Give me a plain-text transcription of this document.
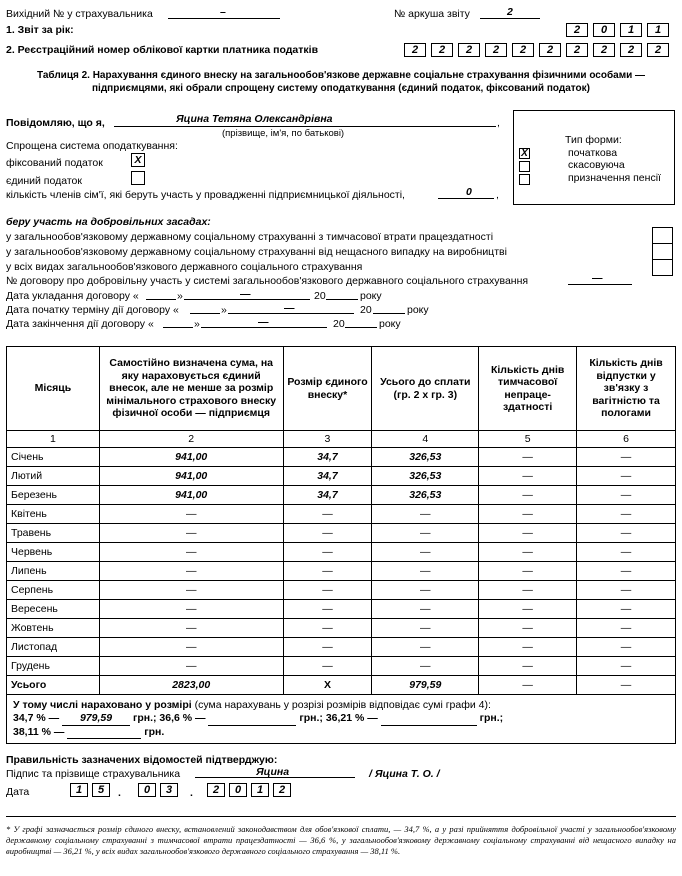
Вихідний № у страхувальника	–	№ аркуша звіту	2
1. Звіт за рік:	2	0	1	1
2. Реєстраційний номер облікової картки платника податків	2	2	2	2	2	2	2	2	2	2
Таблиця 2. Нарахування єдиного внеску на загальнообов'язкове державне соціальне страхування фізичними особами —
підприємцями, які обрали спрощену систему оподаткування (єдиний податок, фіксований податок)
Повідомляю, що я,	Яцина Тетяна Олександрівна	,
(прізвище, ім'я, по батькові)
Спрощена система оподаткування:
фіксований податок	X
єдиний податок
кількість членів сім'ї, які беруть участь у провадженні підприємницької діяльності,	0 ,
Тип форми:
X	початкова
скасовуюча
призначення пенсії
беру участь на добровільних засадах:
у загальнообов'язковому державному соціальному страхуванні з тимчасової втрати працездатності
у загальнообов'язковому державному соціальному страхуванні від нещасного випадку на виробництві
у всіх видах загальнообов'язкового державного соціального страхування
№ договору про добровільну участь у системі загальнообов'язкового державного соціального страхування	—
Дата укладання договору «	»	—	20	року
Дата початку терміну дії договору «	»	—	20	року
Дата закінчення дії договору «	»	—	20	року
Місяць	Самостійно визначена сума, на яку нараховується єдиний внесок, але не менше за розмір мінімального страхового внеску фізичної особи — підприємця	Розмір єдиного внеску*	Усього до сплати (гр. 2 х гр. 3)	Кількість днів тимчасової непраце-здатності	Кількість днів відпустки у зв'язку з вагітністю та пологами
1	2	3	4	5	6
Січень	941,00	34,7	326,53	—	—
Лютий	941,00	34,7	326,53	—	—
Березень	941,00	34,7	326,53	—	—
Квітень	—	—	—	—	—
Травень	—	—	—	—	—
Червень	—	—	—	—	—
Липень	—	—	—	—	—
Серпень	—	—	—	—	—
Вересень	—	—	—	—	—
Жовтень	—	—	—	—	—
Листопад	—	—	—	—	—
Грудень	—	—	—	—	—
Усього	2823,00	X	979,59	—	—

У тому числі нараховано у розмірі (сума нарахувань у розрізі розмірів відповідає сумі графи 4):
34,7 % — 979,59 грн.; 36,6 % — грн.; 36,21 % — грн.;
38,11 % — грн.					
Правильність зазначених відомостей підтверджую:
Підпис та прізвище страхувальника	Яцина	/ Яцина Т. О. /
Дата	1	5	.	0	3	.	2	0	1	2
* У графі зазначається розмір єдиного внеску, встановлений законодавством для обов'язкової сплати, — 34,7 %, а у разі прийняття добровільної участі у загальнообов'язковому державному соціальному страхуванні з тимчасової втрати працездатності — 36,6 %, у загальнообов'язковому державному соціальному страхуванні від нещасного випадку на виробництві — 36,21 %, у всіх видах загальнообов'язкового державного соціального страхування — 38,11 %.
